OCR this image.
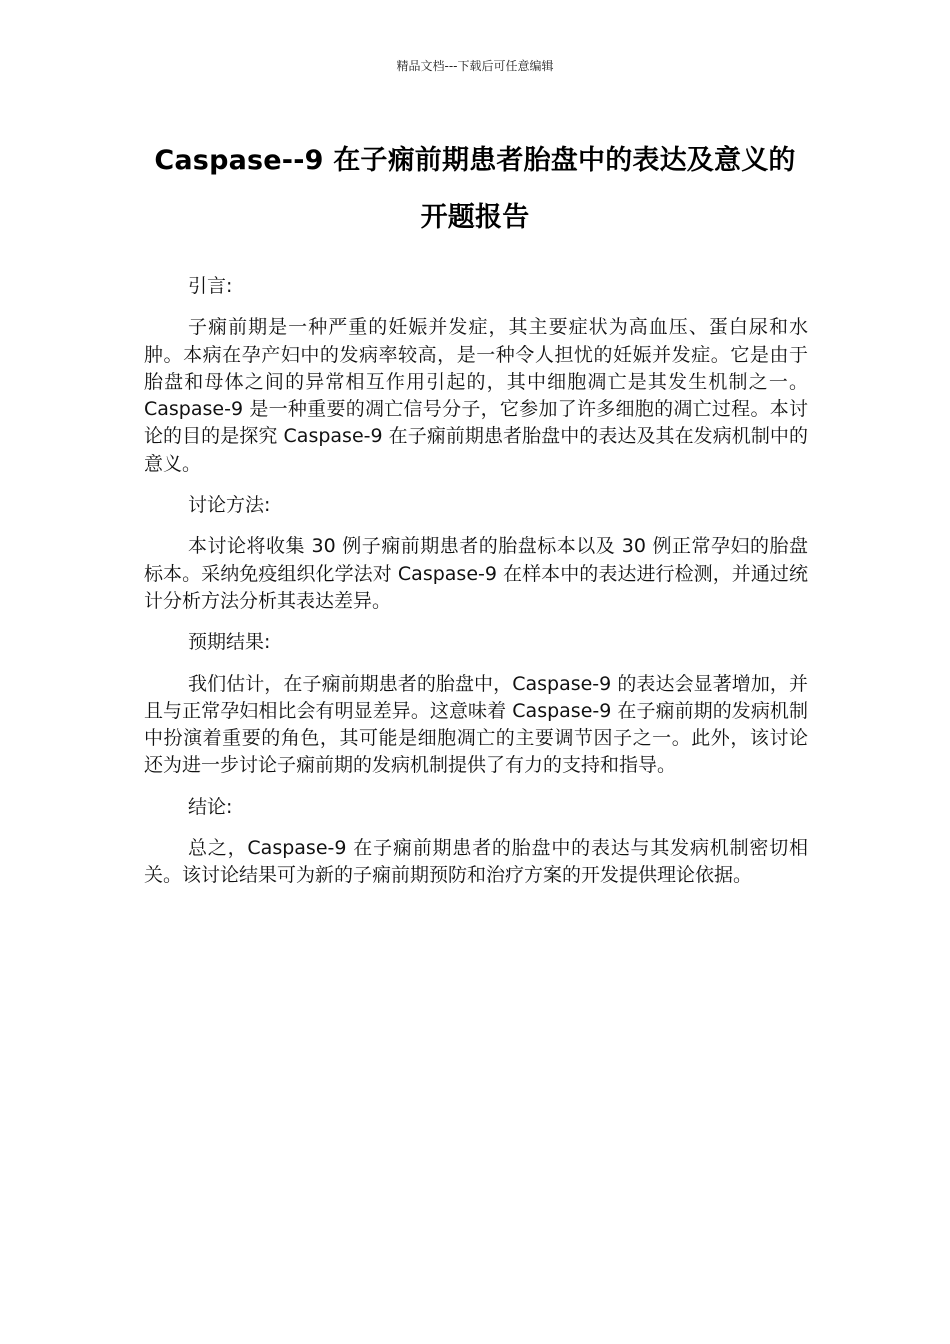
精品文档---下载后可任意编辑
Caspase--9 在子痫前期患者胎盘中的表达及意义的
开题报告

引言:

子痫前期是一种严重的妊娠并发症，其主要症状为高血压、蛋白尿和水肿。本病在孕产妇中的发病率较高，是一种令人担忧的妊娠并发症。它是由于胎盘和母体之间的异常相互作用引起的，其中细胞凋亡是其发生机制之一。Caspase-9 是一种重要的凋亡信号分子，它参加了许多细胞的凋亡过程。本讨论的目的是探究 Caspase-9 在子痫前期患者胎盘中的表达及其在发病机制中的意义。

讨论方法:

本讨论将收集 30 例子痫前期患者的胎盘标本以及 30 例正常孕妇的胎盘标本。采纳免疫组织化学法对 Caspase-9 在样本中的表达进行检测，并通过统计分析方法分析其表达差异。

预期结果:

我们估计，在子痫前期患者的胎盘中，Caspase-9 的表达会显著增加，并且与正常孕妇相比会有明显差异。这意味着 Caspase-9 在子痫前期的发病机制中扮演着重要的角色，其可能是细胞凋亡的主要调节因子之一。此外，该讨论还为进一步讨论子痫前期的发病机制提供了有力的支持和指导。

结论:

总之，Caspase-9 在子痫前期患者的胎盘中的表达与其发病机制密切相关。该讨论结果可为新的子痫前期预防和治疗方案的开发提供理论依据。
